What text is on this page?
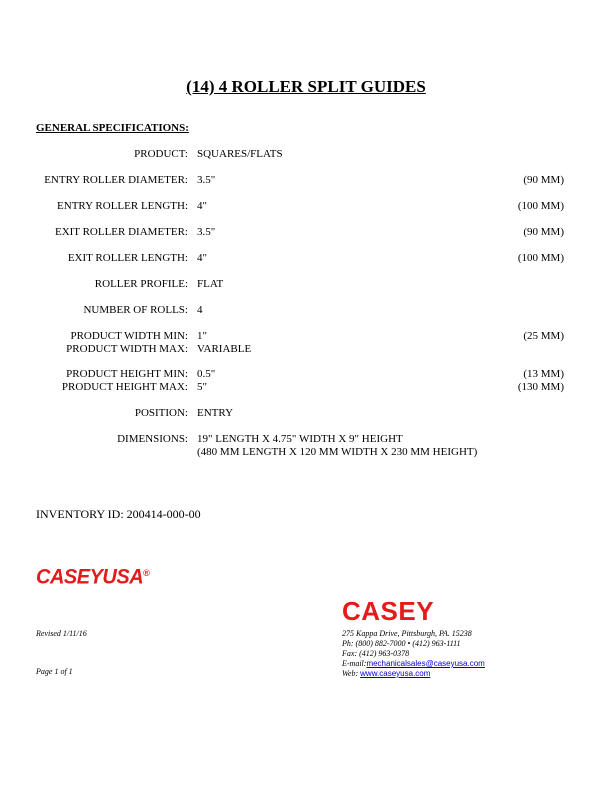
(14) 4 ROLLER SPLIT GUIDES
GENERAL SPECIFICATIONS:
PRODUCT: SQUARES/FLATS
ENTRY ROLLER DIAMETER: 3.5"	(90 MM)
ENTRY ROLLER LENGTH: 4"	(100 MM)
EXIT ROLLER DIAMETER: 3.5"	(90 MM)
EXIT ROLLER LENGTH: 4"	(100 MM)
ROLLER PROFILE: FLAT
NUMBER OF ROLLS: 4
PRODUCT WIDTH MIN: 1"	(25 MM)
PRODUCT WIDTH MAX: VARIABLE
PRODUCT HEIGHT MIN: 0.5"	(13 MM)
PRODUCT HEIGHT MAX: 5"	(130 MM)
POSITION: ENTRY
DIMENSIONS: 19" LENGTH X 4.75" WIDTH X 9" HEIGHT
(480 MM LENGTH X 120 MM WIDTH X 230 MM HEIGHT)
INVENTORY ID: 200414-000-00
CASEYUSA®
CASEY
Revised 1/11/16
Page 1 of 1
275 Kappa Drive, Pittsburgh, PA. 15238
Ph: (800) 882-7000 • (412) 963-1111
Fax: (412) 963-0378
E-mail:mechanicalsales@caseyusa.com
Web: www.caseyusa.com
